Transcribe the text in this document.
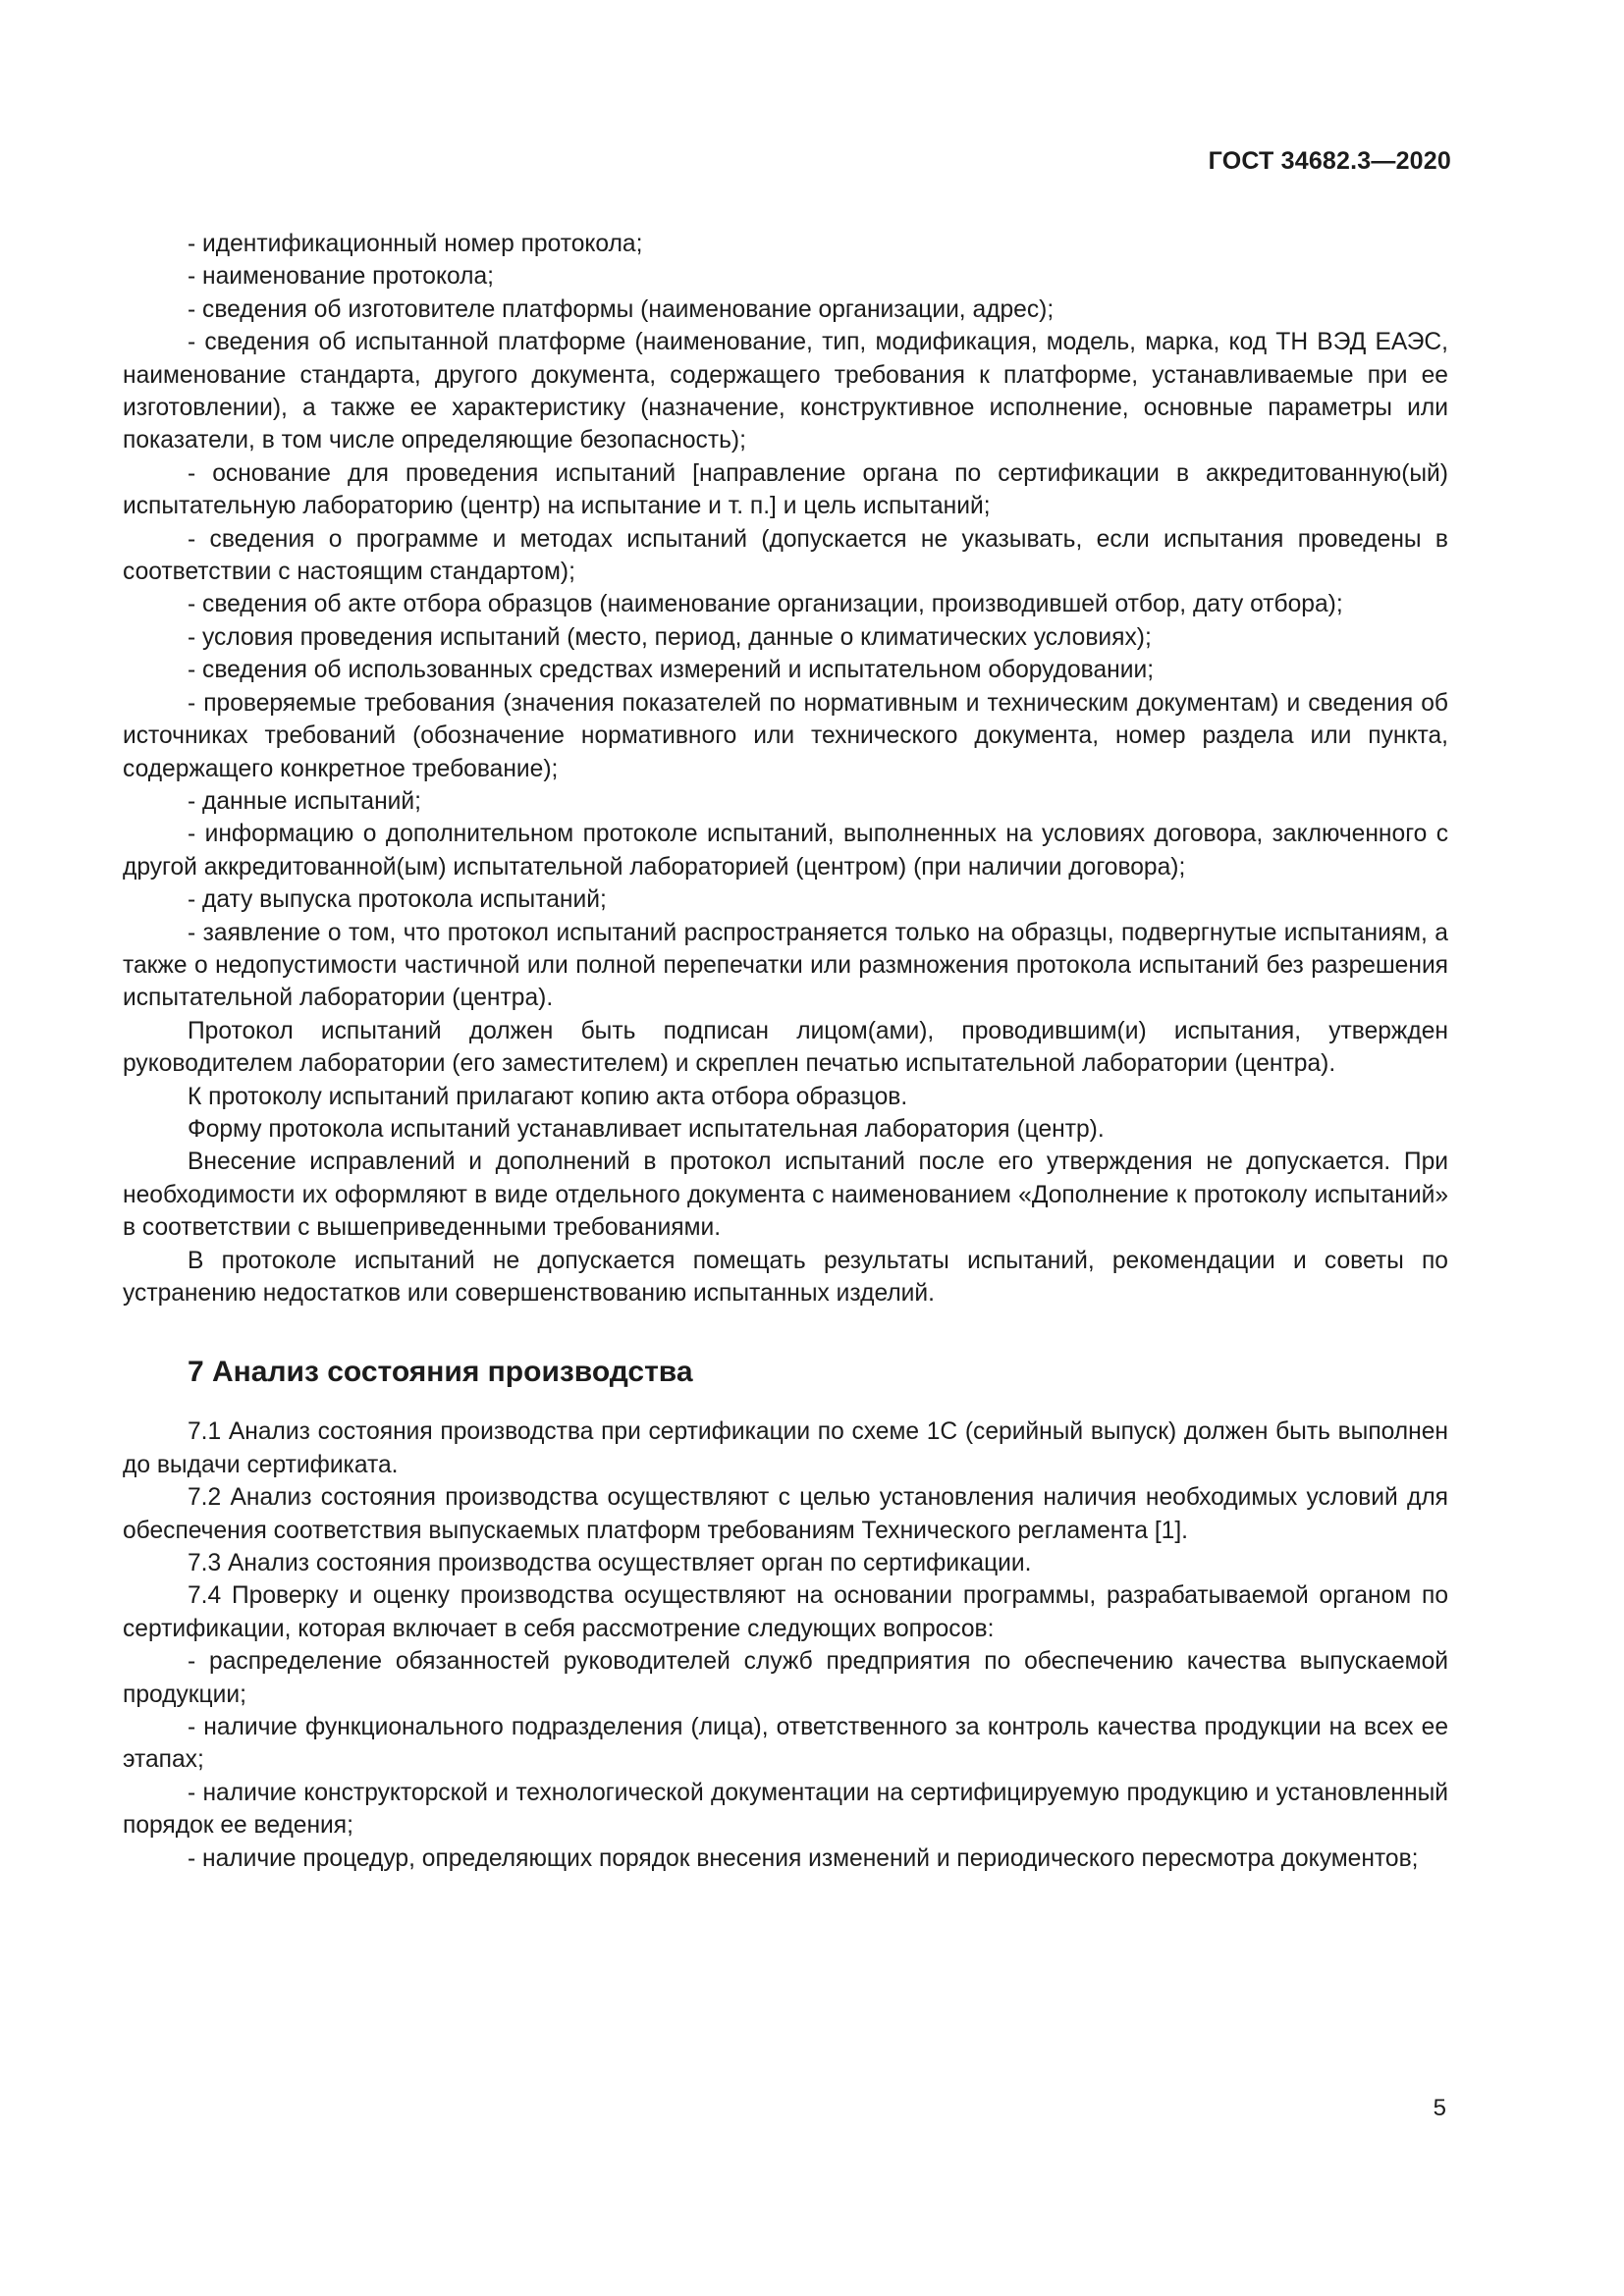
ГОСТ 34682.3—2020

- идентификационный номер протокола;

- наименование протокола;

- сведения об изготовителе платформы (наименование организации, адрес);

- сведения об испытанной платформе (наименование, тип, модификация, модель, марка, код ТН ВЭД ЕАЭС, наименование стандарта, другого документа, содержащего требования к платформе, устанавливаемые при ее изготовлении), а также ее характеристику (назначение, конструктивное исполнение, основные параметры или показатели, в том числе определяющие безопасность);

- основание для проведения испытаний [направление органа по сертификации в аккредитованную(ый) испытательную лабораторию (центр) на испытание и т. п.] и цель испытаний;

- сведения о программе и методах испытаний (допускается не указывать, если испытания проведены в соответствии с настоящим стандартом);

- сведения об акте отбора образцов (наименование организации, производившей отбор, дату отбора);

- условия проведения испытаний (место, период, данные о климатических условиях);

- сведения об использованных средствах измерений и испытательном оборудовании;

- проверяемые требования (значения показателей по нормативным и техническим документам) и сведения об источниках требований (обозначение нормативного или технического документа, номер раздела или пункта, содержащего конкретное требование);

- данные испытаний;

- информацию о дополнительном протоколе испытаний, выполненных на условиях договора, заключенного с другой аккредитованной(ым) испытательной лабораторией (центром) (при наличии договора);

- дату выпуска протокола испытаний;

- заявление о том, что протокол испытаний распространяется только на образцы, подвергнутые испытаниям, а также о недопустимости частичной или полной перепечатки или размножения протокола испытаний без разрешения испытательной лаборатории (центра).

Протокол испытаний должен быть подписан лицом(ами), проводившим(и) испытания, утвержден руководителем лаборатории (его заместителем) и скреплен печатью испытательной лаборатории (центра).

К протоколу испытаний прилагают копию акта отбора образцов.

Форму протокола испытаний устанавливает испытательная лаборатория (центр).

Внесение исправлений и дополнений в протокол испытаний после его утверждения не допускается. При необходимости их оформляют в виде отдельного документа с наименованием «Дополнение к протоколу испытаний» в соответствии с вышеприведенными требованиями.

В протоколе испытаний не допускается помещать результаты испытаний, рекомендации и советы по устранению недостатков или совершенствованию испытанных изделий.

7 Анализ состояния производства

7.1 Анализ состояния производства при сертификации по схеме 1С (серийный выпуск) должен быть выполнен до выдачи сертификата.

7.2 Анализ состояния производства осуществляют с целью установления наличия необходимых условий для обеспечения соответствия выпускаемых платформ требованиям Технического регламента [1].

7.3 Анализ состояния производства осуществляет орган по сертификации.

7.4 Проверку и оценку производства осуществляют на основании программы, разрабатываемой органом по сертификации, которая включает в себя рассмотрение следующих вопросов:

- распределение обязанностей руководителей служб предприятия по обеспечению качества выпускаемой продукции;

- наличие функционального подразделения (лица), ответственного за контроль качества продукции на всех ее этапах;

- наличие конструкторской и технологической документации на сертифицируемую продукцию и установленный порядок ее ведения;

- наличие процедур, определяющих порядок внесения изменений и периодического пересмотра документов;

5
